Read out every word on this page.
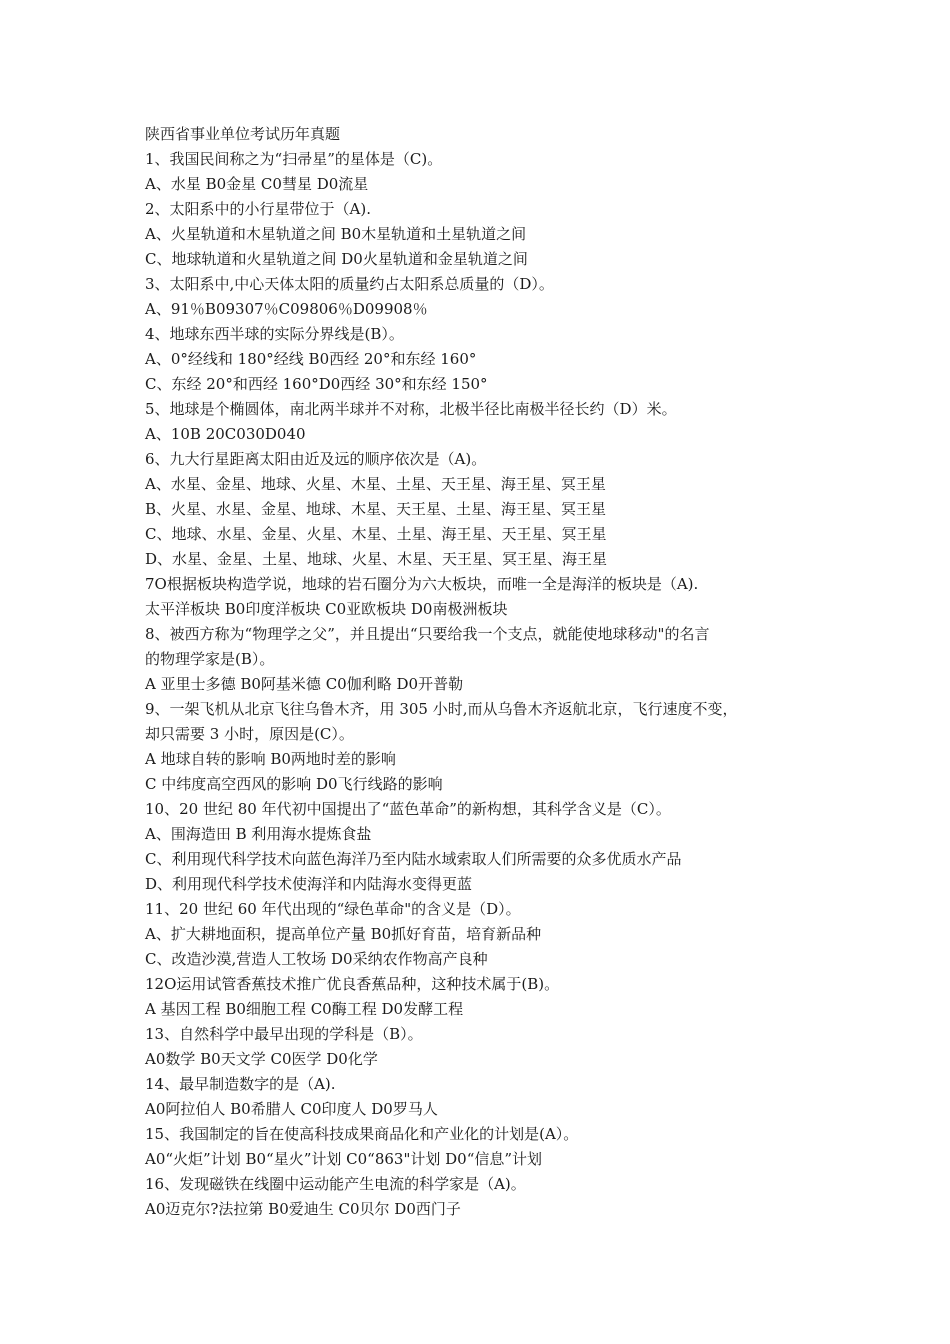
陕西省事业单位考试历年真题
1、我国民间称之为“扫帚星”的星体是（C)。
A、水星 B0金星 C0彗星 D0流星
2、太阳系中的小行星带位于（A).
A、火星轨道和木星轨道之间 B0木星轨道和土星轨道之间
C、地球轨道和火星轨道之间 D0火星轨道和金星轨道之间
3、太阳系中,中心天体太阳的质量约占太阳系总质量的（D）。
A、91％B09307％C09806％D09908％
4、地球东西半球的实际分界线是(B）。
A、0°经线和 180°经线 B0西经 20°和东经 160°
C、东经 20°和西经 160°D0西经 30°和东经 150°
5、地球是个椭圆体，南北两半球并不对称，北极半径比南极半径长约（D）米。
A、10B 20C030D040
6、九大行星距离太阳由近及远的顺序依次是（A)。
A、水星、金星、地球、火星、木星、土星、天王星、海王星、冥王星
B、火星、水星、金星、地球、木星、天王星、土星、海王星、冥王星
C、地球、水星、金星、火星、木星、土星、海王星、天王星、冥王星
D、水星、金星、土星、地球、火星、木星、天王星、冥王星、海王星
7O根据板块构造学说，地球的岩石圈分为六大板块，而唯一全是海洋的板块是（A).
太平洋板块 B0印度洋板块 C0亚欧板块 D0南极洲板块
8、被西方称为“物理学之父”，并且提出“只要给我一个支点，就能使地球移动"的名言
的物理学家是(B）。
A 亚里士多德 B0阿基米德 C0伽利略 D0开普勒
9、一架飞机从北京飞往乌鲁木齐，用 305 小时,而从乌鲁木齐返航北京，飞行速度不变，
却只需要 3 小时，原因是(C）。
A 地球自转的影响 B0两地时差的影响
C 中纬度高空西风的影响 D0飞行线路的影响
10、20 世纪 80 年代初中国提出了“蓝色革命”的新构想，其科学含义是（C）。
A、围海造田 B 利用海水提炼食盐
C、利用现代科学技术向蓝色海洋乃至内陆水域索取人们所需要的众多优质水产品
D、利用现代科学技术使海洋和内陆海水变得更蓝
11、20 世纪 60 年代出现的“绿色革命"的含义是（D）。
A、扩大耕地面积，提高单位产量 B0抓好育苗，培育新品种
C、改造沙漠,营造人工牧场 D0采纳农作物高产良种
12O运用试管香蕉技术推广优良香蕉品种，这种技术属于(B)。
A 基因工程 B0细胞工程 C0酶工程 D0发酵工程
13、自然科学中最早出现的学科是（B）。
A0数学 B0天文学 C0医学 D0化学
14、最早制造数字的是（A).
A0阿拉伯人 B0希腊人 C0印度人 D0罗马人
15、我国制定的旨在使高科技成果商品化和产业化的计划是(A）。
A0“火炬”计划 B0“星火”计划 C0“863"计划 D0“信息”计划
16、发现磁铁在线圈中运动能产生电流的科学家是（A)。
A0迈克尔?法拉第 B0爱迪生 C0贝尔 D0西门子
